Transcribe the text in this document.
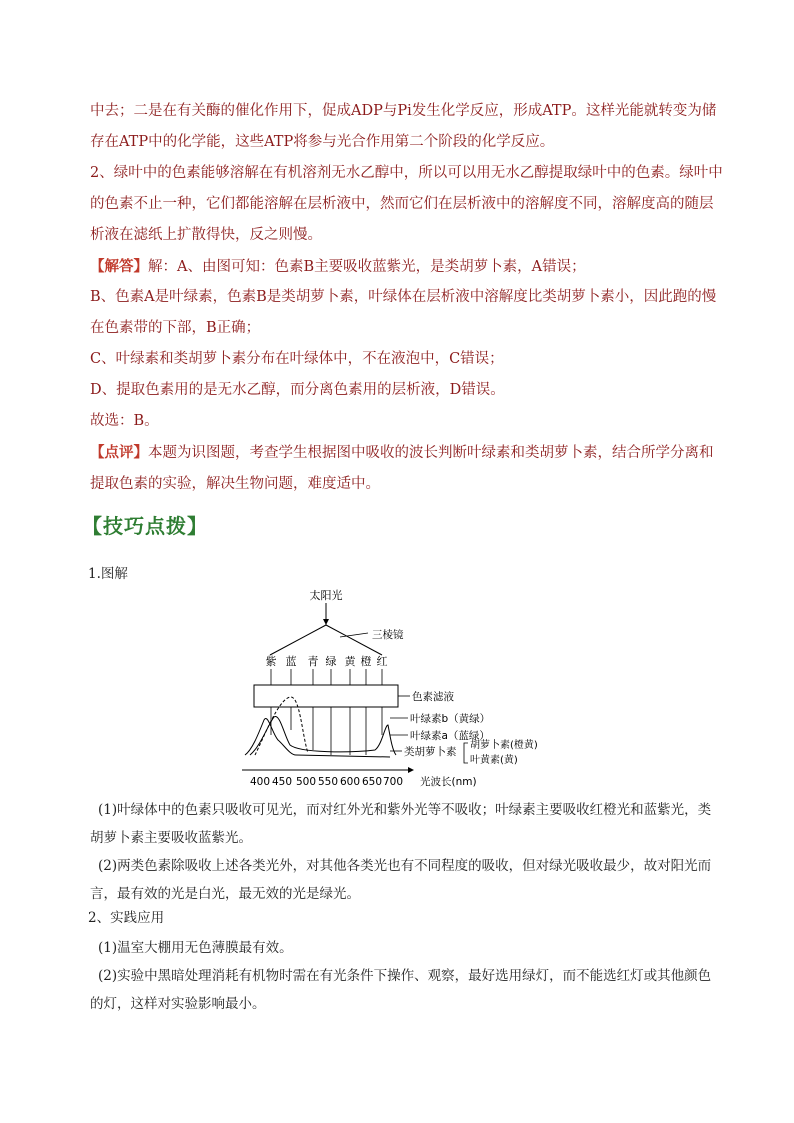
中去；二是在有关酶的催化作用下，促成ADP与Pi发生化学反应，形成ATP。这样光能就转变为储存在ATP中的化学能，这些ATP将参与光合作用第二个阶段的化学反应。

2、绿叶中的色素能够溶解在有机溶剂无水乙醇中，所以可以用无水乙醇提取绿叶中的色素。绿叶中的色素不止一种，它们都能溶解在层析液中，然而它们在层析液中的溶解度不同，溶解度高的随层析液在滤纸上扩散得快，反之则慢。

【解答】解：A、由图可知：色素B主要吸收蓝紫光，是类胡萝卜素，A错误；

B、色素A是叶绿素，色素B是类胡萝卜素，叶绿体在层析液中溶解度比类胡萝卜素小，因此跑的慢在色素带的下部，B正确；

C、叶绿素和类胡萝卜素分布在叶绿体中，不在液泡中，C错误；

D、提取色素用的是无水乙醇，而分离色素用的层析液，D错误。

故选：B。

【点评】本题为识图题，考查学生根据图中吸收的波长判断叶绿素和类胡萝卜素，结合所学分离和提取色素的实验，解决生物问题，难度适中。

【技巧点拨】

1.图解

太阳光
三棱镜
紫 蓝 青 绿 黄 橙 红
色素滤液
叶绿素b（黄绿）
叶绿素a（蓝绿）
类胡萝卜素
胡萝卜素(橙黄)
叶黄素(黄)
400 450 500 550 600 650 700 光波长(nm)

(1)叶绿体中的色素只吸收可见光，而对红外光和紫外光等不吸收；叶绿素主要吸收红橙光和蓝紫光，类胡萝卜素主要吸收蓝紫光。

(2)两类色素除吸收上述各类光外，对其他各类光也有不同程度的吸收，但对绿光吸收最少，故对阳光而言，最有效的光是白光，最无效的光是绿光。

2、实践应用

(1)温室大棚用无色薄膜最有效。

(2)实验中黑暗处理消耗有机物时需在有光条件下操作、观察，最好选用绿灯，而不能选红灯或其他颜色的灯，这样对实验影响最小。
